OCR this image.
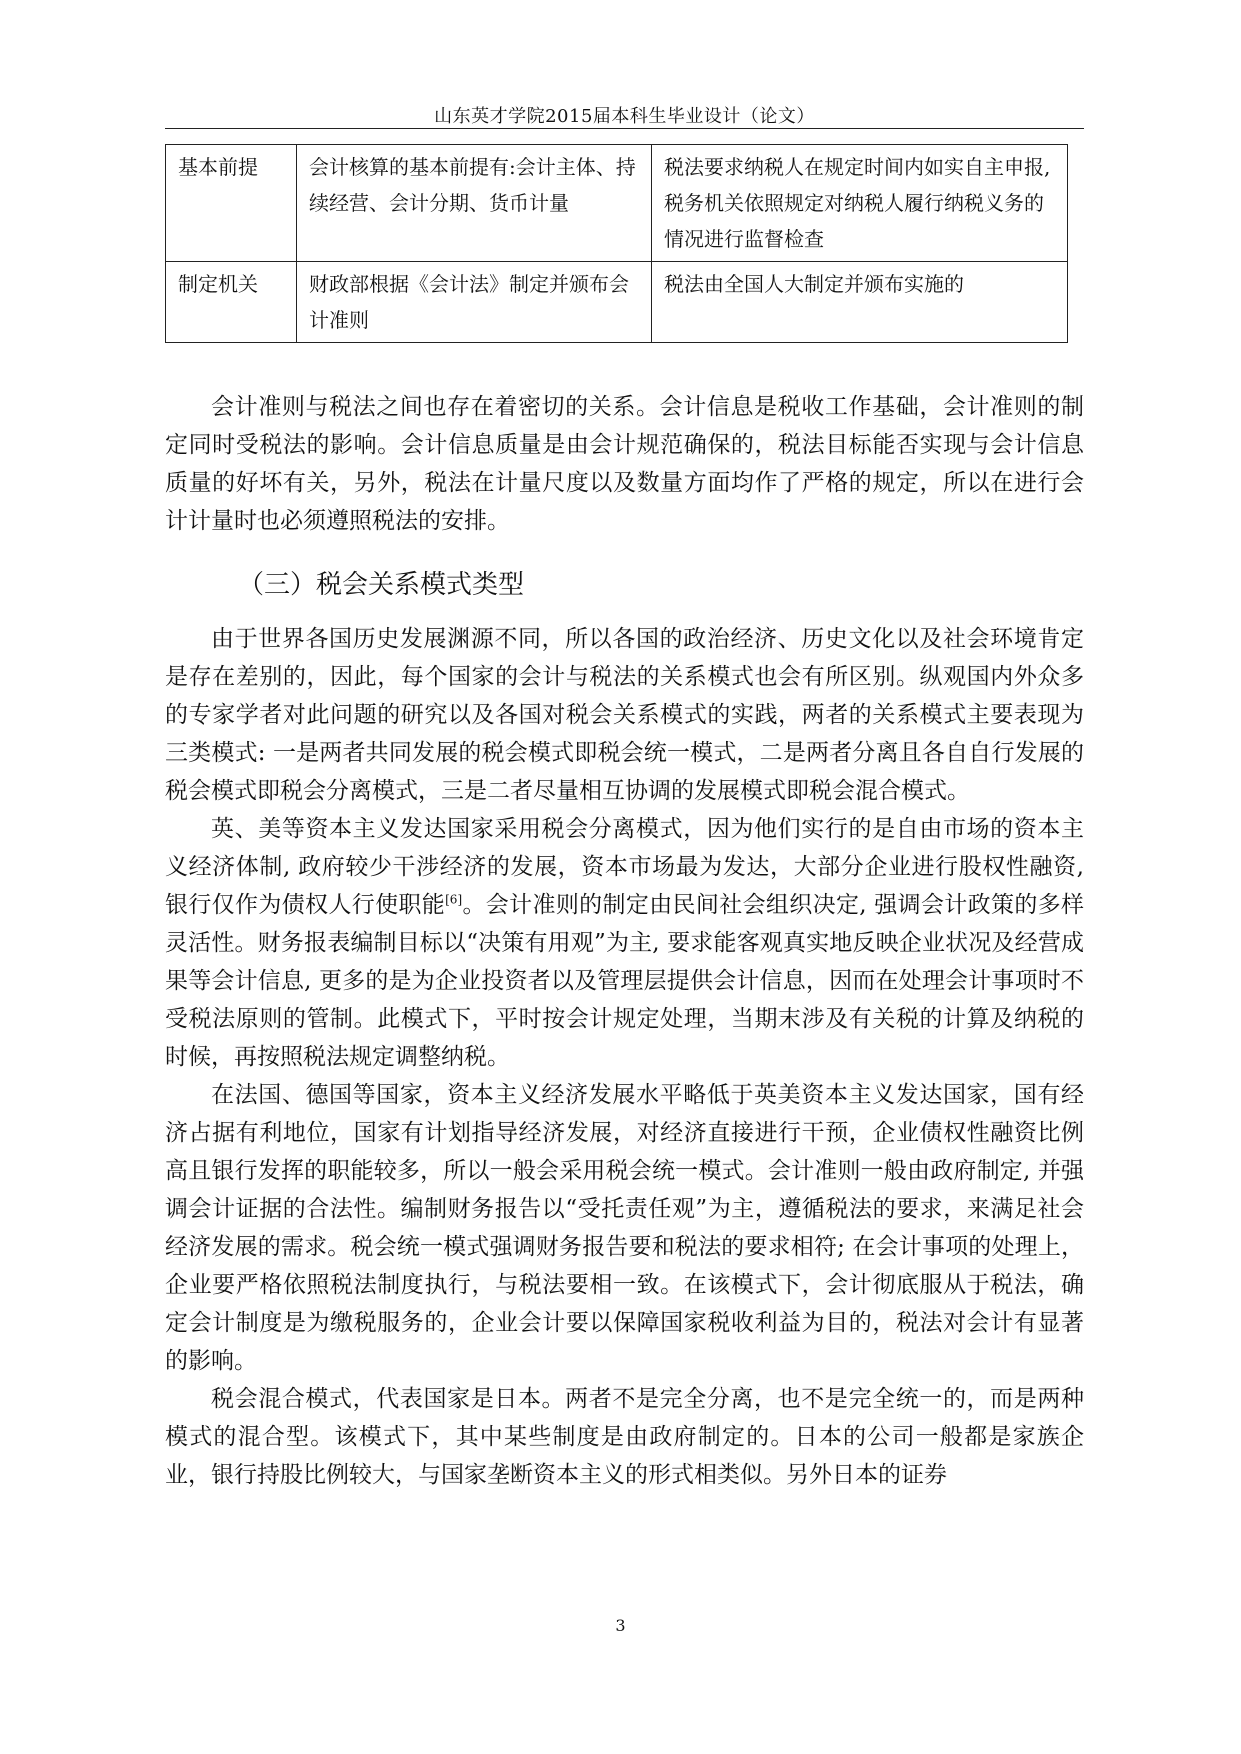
山东英才学院2015届本科生毕业设计（论文）
基本前提	会计核算的基本前提有:会计主体、持续经营、会计分期、货币计量	税法要求纳税人在规定时间内如实自主申报,税务机关依照规定对纳税人履行纳税义务的情况进行监督检查
制定机关	财政部根据《会计法》制定并颁布会计准则	税法由全国人大制定并颁布实施的

会计准则与税法之间也存在着密切的关系。会计信息是税收工作基础，会计准则的制定同时受税法的影响。会计信息质量是由会计规范确保的，税法目标能否实现与会计信息质量的好坏有关，另外，税法在计量尺度以及数量方面均作了严格的规定，所以在进行会计计量时也必须遵照税法的安排。

（三）税会关系模式类型

由于世界各国历史发展渊源不同，所以各国的政治经济、历史文化以及社会环境肯定是存在差别的，因此，每个国家的会计与税法的关系模式也会有所区别。纵观国内外众多的专家学者对此问题的研究以及各国对税会关系模式的实践，两者的关系模式主要表现为三类模式: 一是两者共同发展的税会模式即税会统一模式，二是两者分离且各自自行发展的税会模式即税会分离模式，三是二者尽量相互协调的发展模式即税会混合模式。

英、美等资本主义发达国家采用税会分离模式，因为他们实行的是自由市场的资本主义经济体制, 政府较少干涉经济的发展，资本市场最为发达，大部分企业进行股权性融资, 银行仅作为债权人行使职能[6]。会计准则的制定由民间社会组织决定, 强调会计政策的多样灵活性。财务报表编制目标以“决策有用观”为主, 要求能客观真实地反映企业状况及经营成果等会计信息, 更多的是为企业投资者以及管理层提供会计信息，因而在处理会计事项时不受税法原则的管制。此模式下，平时按会计规定处理，当期末涉及有关税的计算及纳税的时候，再按照税法规定调整纳税。

在法国、德国等国家，资本主义经济发展水平略低于英美资本主义发达国家，国有经济占据有利地位，国家有计划指导经济发展，对经济直接进行干预，企业债权性融资比例高且银行发挥的职能较多，所以一般会采用税会统一模式。会计准则一般由政府制定, 并强调会计证据的合法性。编制财务报告以“受托责任观”为主，遵循税法的要求，来满足社会经济发展的需求。税会统一模式强调财务报告要和税法的要求相符; 在会计事项的处理上，企业要严格依照税法制度执行，与税法要相一致。在该模式下，会计彻底服从于税法，确定会计制度是为缴税服务的，企业会计要以保障国家税收利益为目的，税法对会计有显著的影响。

税会混合模式，代表国家是日本。两者不是完全分离，也不是完全统一的，而是两种模式的混合型。该模式下，其中某些制度是由政府制定的。日本的公司一般都是家族企业，银行持股比例较大，与国家垄断资本主义的形式相类似。另外日本的证券

3
